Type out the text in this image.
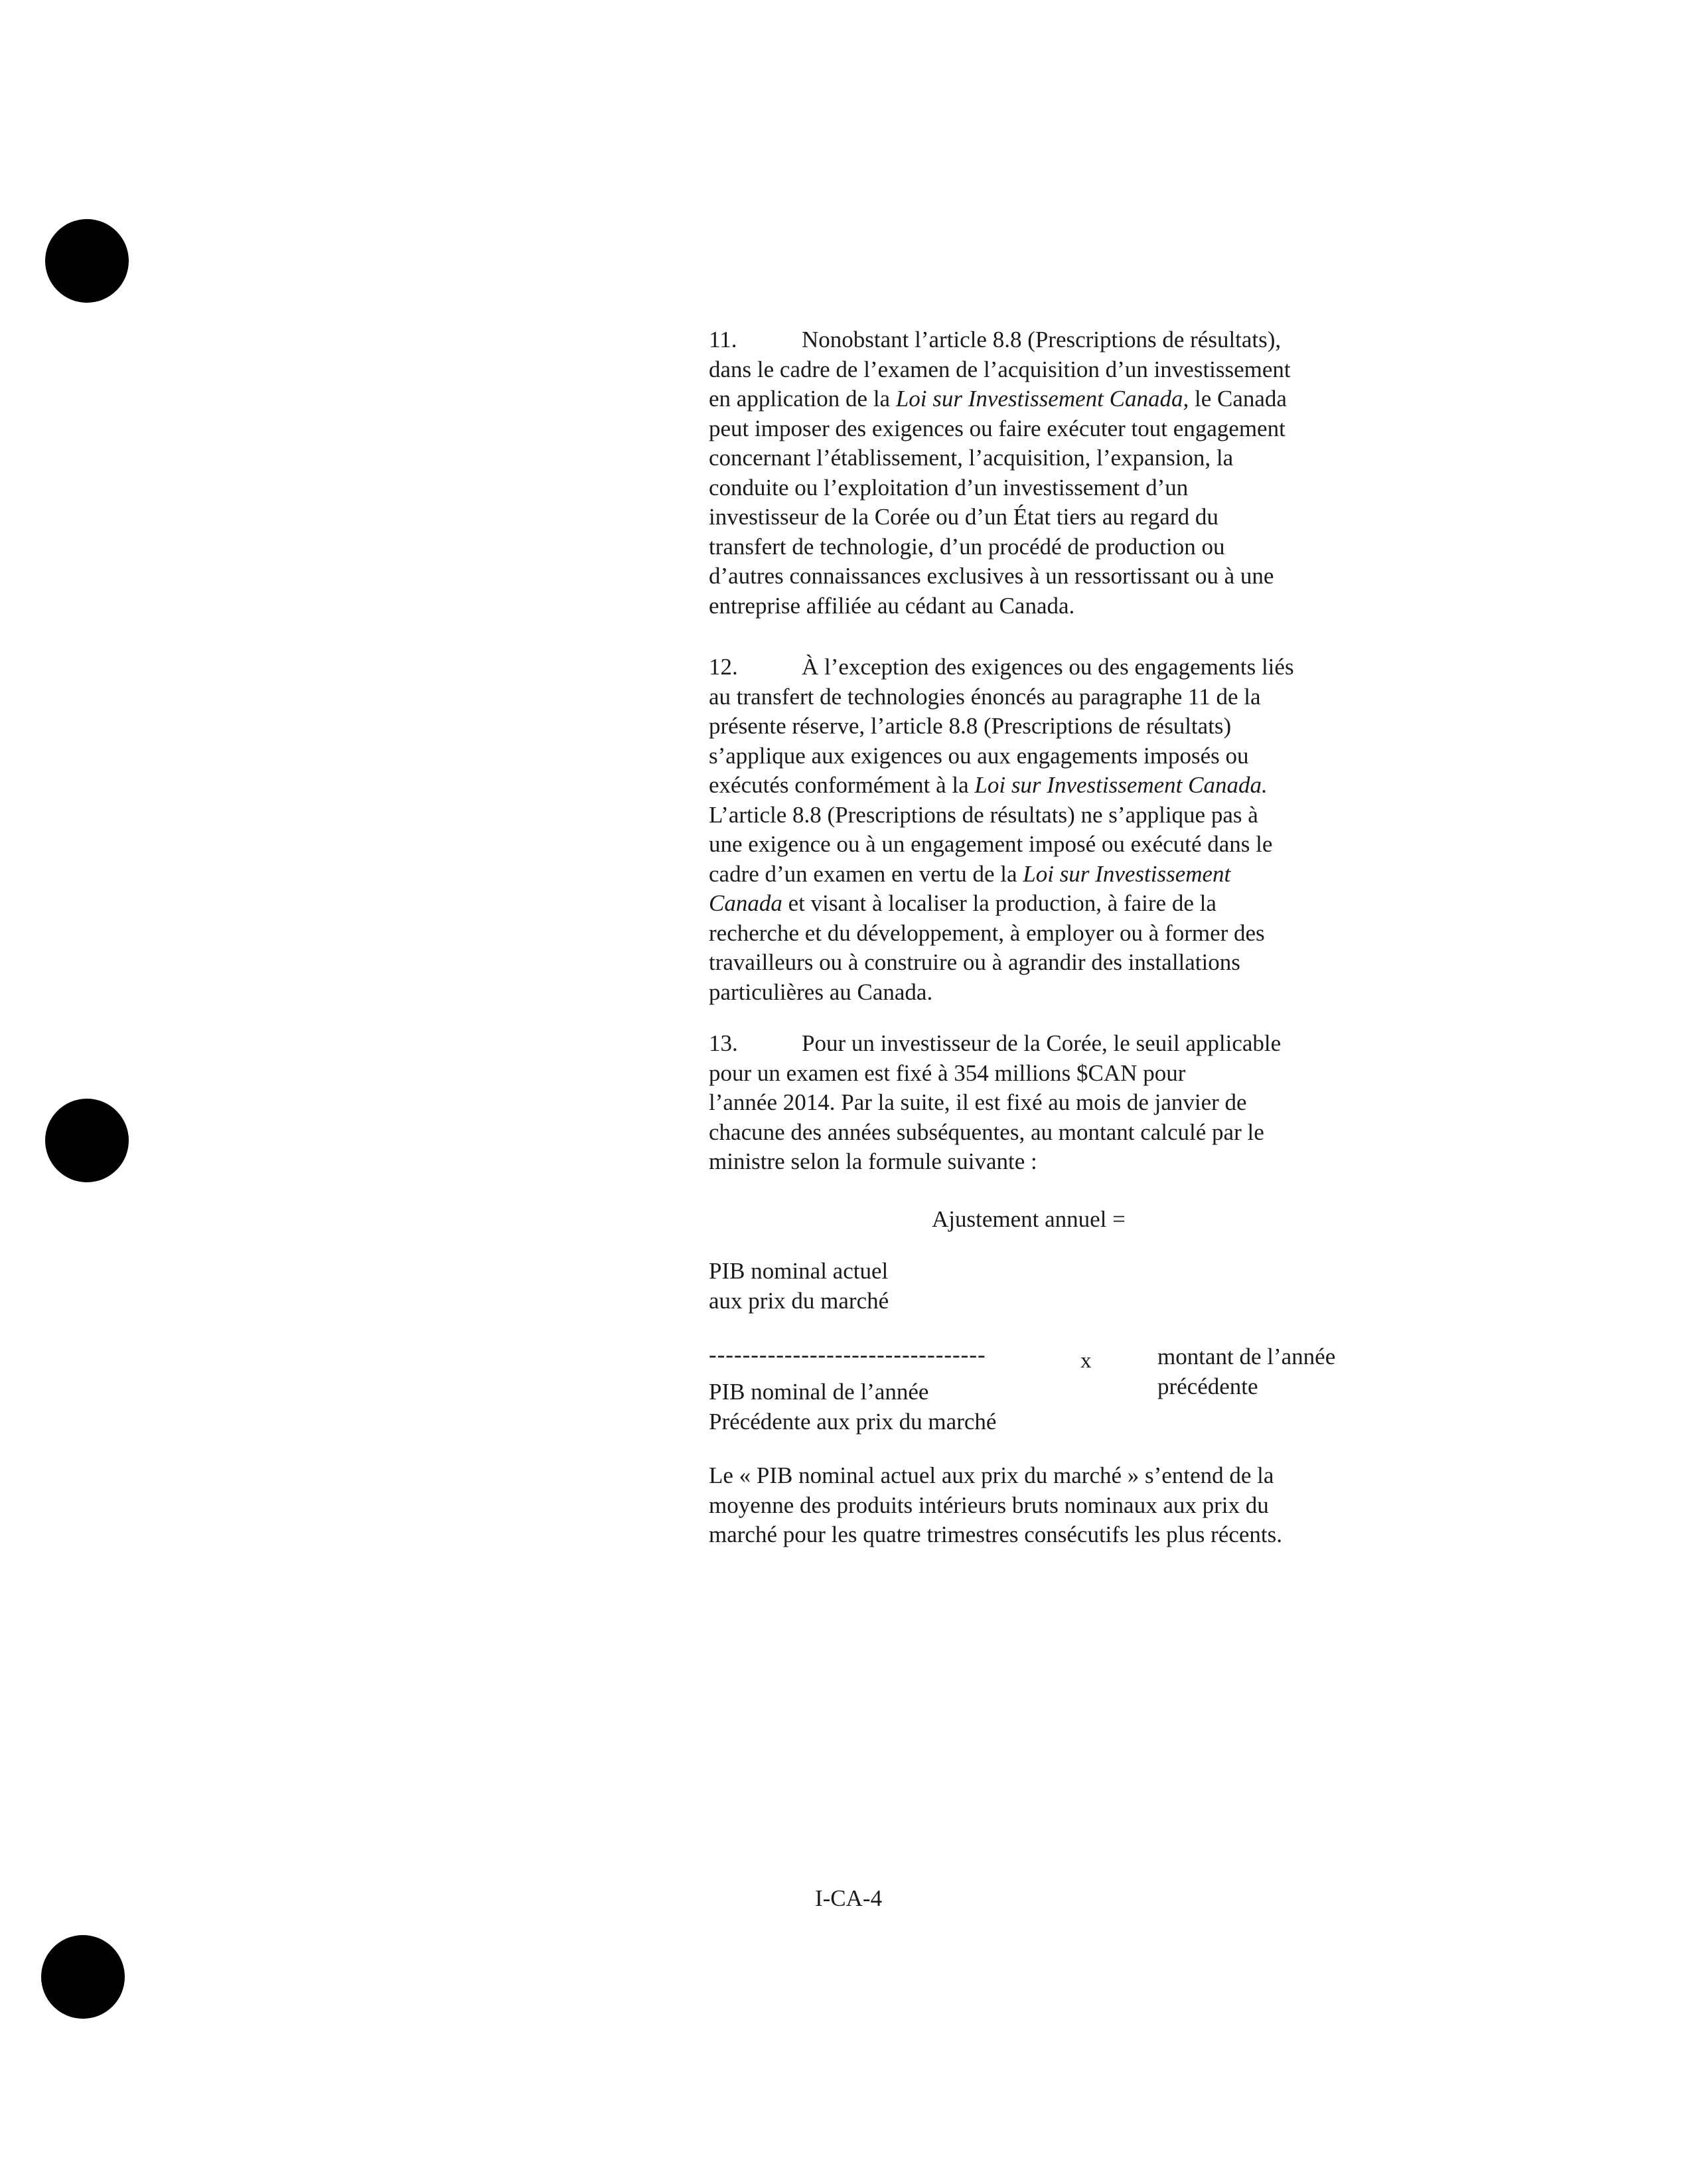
11.	Nonobstant l’article 8.8 (Prescriptions de résultats),
dans le cadre de l’examen de l’acquisition d’un investissement
en application de la Loi sur Investissement Canada, le Canada
peut imposer des exigences ou faire exécuter tout engagement
concernant l’établissement, l’acquisition, l’expansion, la
conduite ou l’exploitation d’un investissement d’un
investisseur de la Corée ou d’un État tiers au regard du
transfert de technologie, d’un procédé de production ou
d’autres connaissances exclusives à un ressortissant ou à une
entreprise affiliée au cédant au Canada.
12.	À l’exception des exigences ou des engagements liés
au transfert de technologies énoncés au paragraphe 11 de la
présente réserve, l’article 8.8 (Prescriptions de résultats)
s’applique aux exigences ou aux engagements imposés ou
exécutés conformément à la Loi sur Investissement Canada.
L’article 8.8 (Prescriptions de résultats) ne s’applique pas à
une exigence ou à un engagement imposé ou exécuté dans le
cadre d’un examen en vertu de la Loi sur Investissement
Canada et visant à localiser la production, à faire de la
recherche et du développement, à employer ou à former des
travailleurs ou à construire ou à agrandir des installations
particulières au Canada.
13.	Pour un investisseur de la Corée, le seuil applicable
pour un examen est fixé à 354 millions $CAN pour
l’année 2014. Par la suite, il est fixé au mois de janvier de
chacune des années subséquentes, au montant calculé par le
ministre selon la formule suivante :
Ajustement annuel =
PIB nominal actuel
aux prix du marché
---------------------------------
PIB nominal de l’année
Précédente aux prix du marché
x	montant de l’année
précédente
Le « PIB nominal actuel aux prix du marché » s’entend de la
moyenne des produits intérieurs bruts nominaux aux prix du
marché pour les quatre trimestres consécutifs les plus récents.
I-CA-4
